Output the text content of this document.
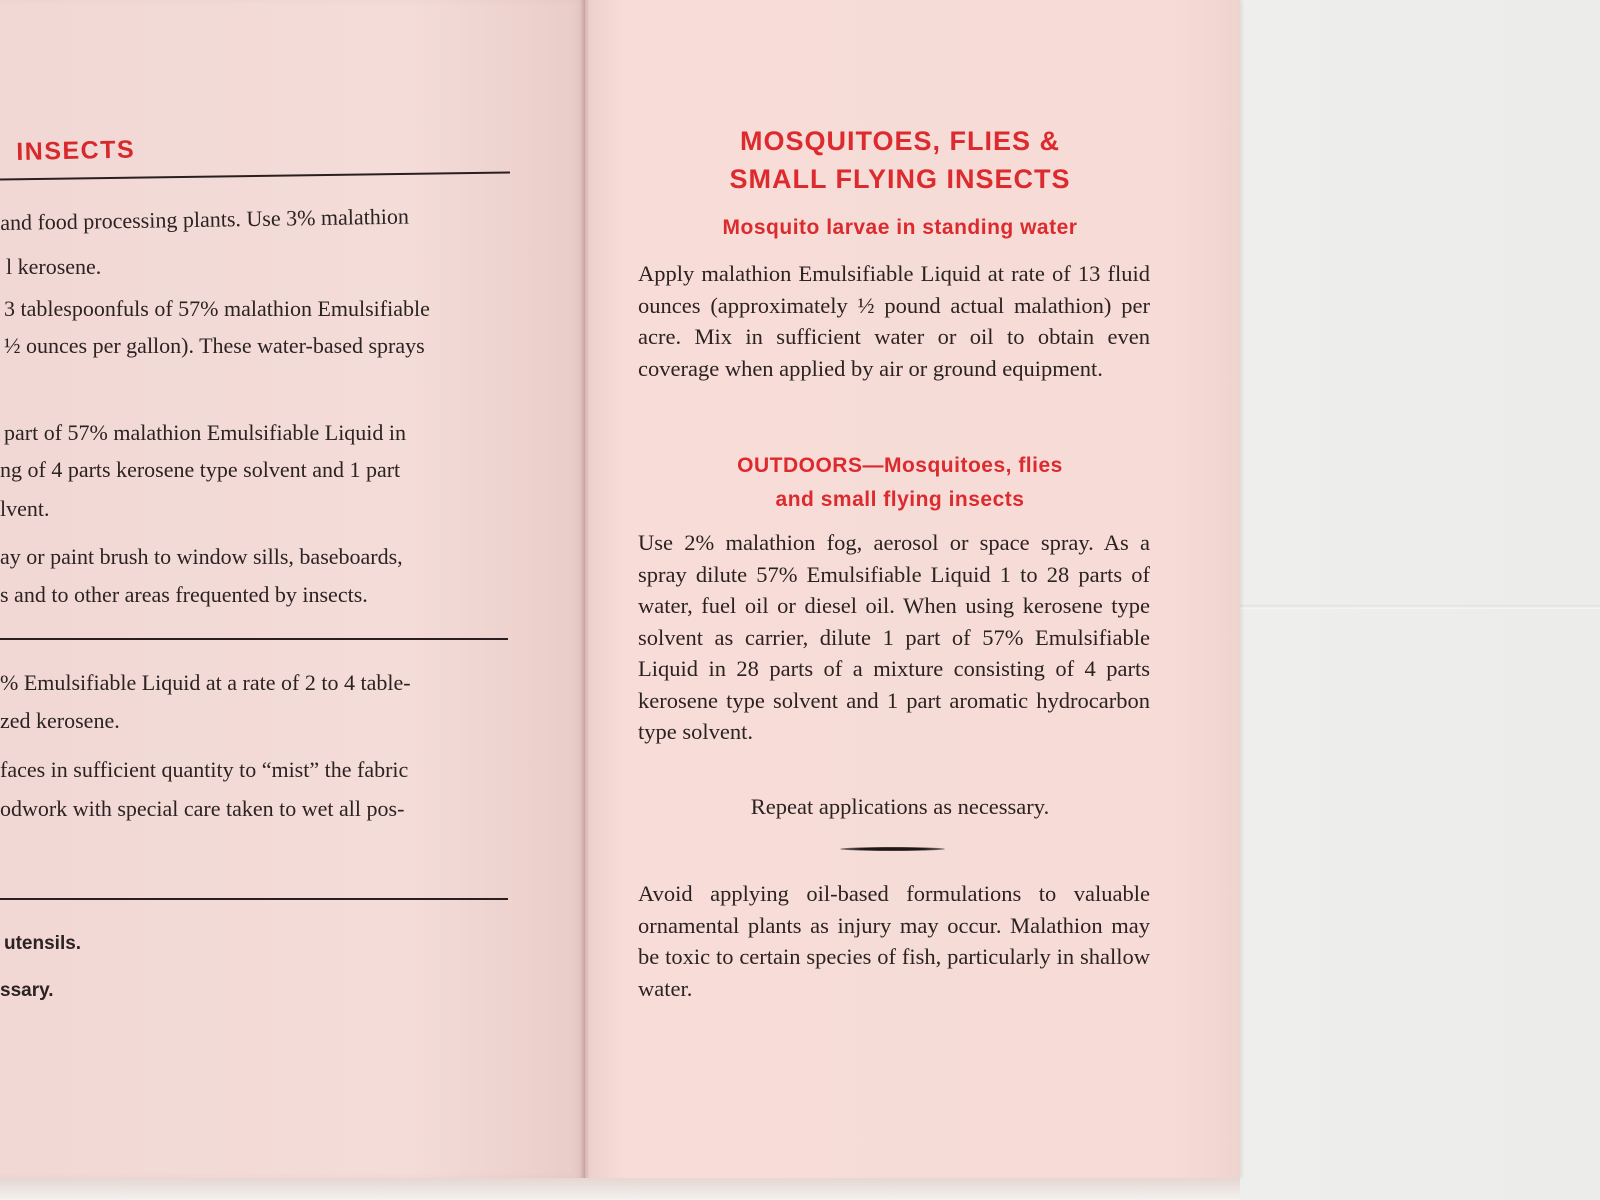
INSECTS

and food processing plants. Use 3% malathion

l kerosene.

3 tablespoonfuls of 57% malathion Emulsifiable

½ ounces per gallon). These water-based sprays

part of 57% malathion Emulsifiable Liquid in

ng of 4 parts kerosene type solvent and 1 part

lvent.

ay or paint brush to window sills, baseboards,

s and to other areas frequented by insects.

% Emulsifiable Liquid at a rate of 2 to 4 table-

zed kerosene.

faces in sufficient quantity to “mist” the fabric

odwork with special care taken to wet all pos-

utensils.

ssary.

MOSQUITOES, FLIES &
SMALL FLYING INSECTS
Mosquito larvae in standing water

Apply malathion Emulsifiable Liquid at rate of 13 fluid ounces (approximately ½ pound actual malathion) per acre. Mix in sufficient water or oil to obtain even coverage when applied by air or ground equipment.

OUTDOORS—Mosquitoes, flies
and small flying insects

Use 2% malathion fog, aerosol or space spray. As a spray dilute 57% Emulsifiable Liquid 1 to 28 parts of water, fuel oil or diesel oil. When using kerosene type solvent as carrier, dilute 1 part of 57% Emulsifiable Liquid in 28 parts of a mixture consisting of 4 parts kerosene type solvent and 1 part aromatic hydrocarbon type solvent.

Repeat applications as necessary.

Avoid applying oil-based formulations to valuable ornamental plants as injury may occur. Malathion may be toxic to certain species of fish, particularly in shallow water.
